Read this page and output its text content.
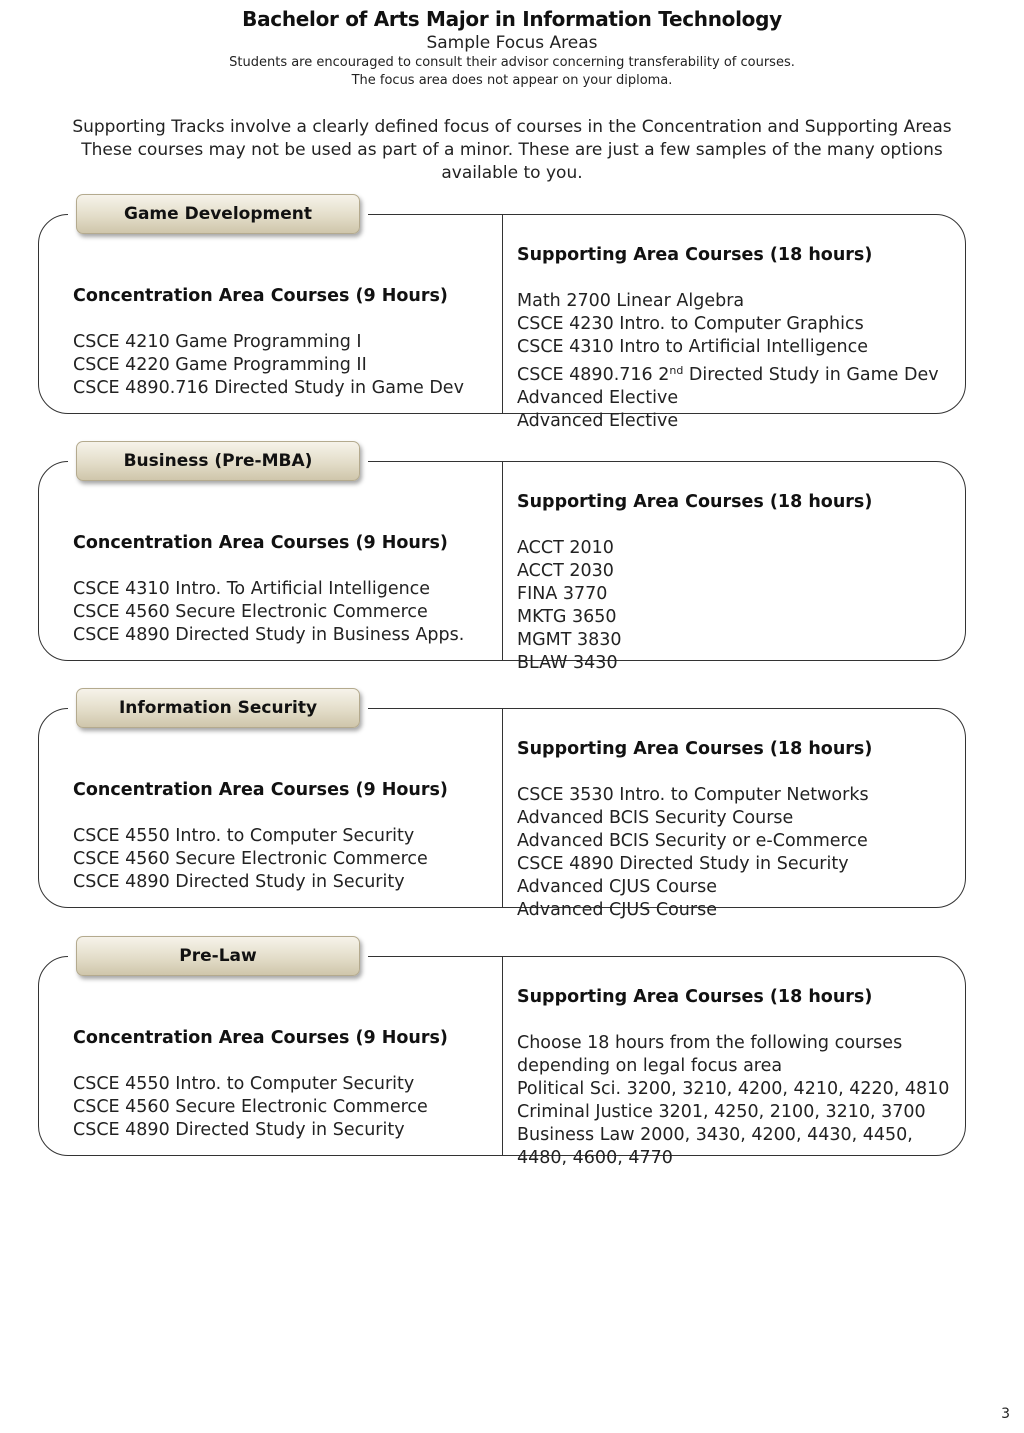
Bachelor of Arts Major in Information Technology

Sample Focus Areas

Students are encouraged to consult their advisor concerning transferability of courses.

The focus area does not appear on your diploma.

Supporting Tracks involve a clearly defined focus of courses in the Concentration and Supporting Areas

These courses may not be used as part of a minor. These are just a few samples of the many options

available to you.

Concentration Area Courses (9 Hours)

CSCE 4210 Game Programming I

CSCE 4220 Game Programming II

CSCE 4890.716 Directed Study in Game Dev

Supporting Area Courses (18 hours)

Math 2700 Linear Algebra

CSCE 4230 Intro. to Computer Graphics

CSCE 4310 Intro to Artificial Intelligence

CSCE 4890.716 2nd Directed Study in Game Dev

Advanced Elective

Advanced Elective

Game Development

Concentration Area Courses (9 Hours)

CSCE 4310 Intro. To Artificial Intelligence

CSCE 4560 Secure Electronic Commerce

CSCE 4890 Directed Study in Business Apps.

Supporting Area Courses (18 hours)

ACCT 2010

ACCT 2030

FINA 3770

MKTG 3650

MGMT 3830

BLAW 3430

Business (Pre-MBA)

Concentration Area Courses (9 Hours)

CSCE 4550 Intro. to Computer Security

CSCE 4560 Secure Electronic Commerce

CSCE 4890 Directed Study in Security

Supporting Area Courses (18 hours)

CSCE 3530 Intro. to Computer Networks

Advanced BCIS Security Course

Advanced BCIS Security or e-Commerce

CSCE 4890 Directed Study in Security

Advanced CJUS Course

Advanced CJUS Course

Information Security

Concentration Area Courses (9 Hours)

CSCE 4550 Intro. to Computer Security

CSCE 4560 Secure Electronic Commerce

CSCE 4890 Directed Study in Security

Supporting Area Courses (18 hours)

Choose 18 hours from the following courses depending on legal focus area

Political Sci. 3200, 3210, 4200, 4210, 4220, 4810

Criminal Justice 3201, 4250, 2100, 3210, 3700

Business Law 2000, 3430, 4200, 4430, 4450, 4480, 4600, 4770

Pre-Law
3
